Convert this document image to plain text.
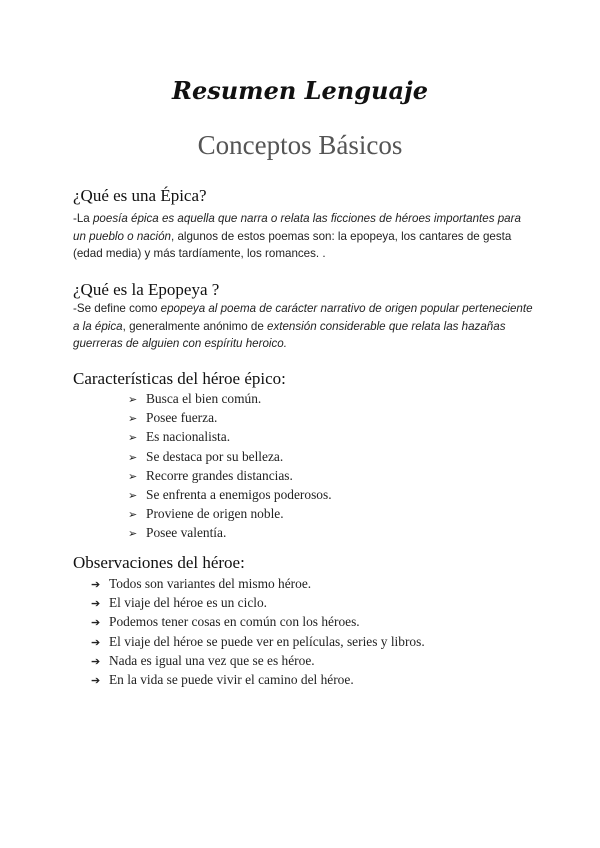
Resumen Lenguaje
Conceptos Básicos
¿Qué es una Épica?
-La poesía épica es aquella que narra o relata las ficciones de héroes importantes para un pueblo o nación, algunos de estos poemas son: la epopeya, los cantares de gesta (edad media) y más tardíamente, los romances. .
¿Qué es la Epopeya ?
-Se define como epopeya al poema de carácter narrativo de origen popular perteneciente a la épica, generalmente anónimo de extensión considerable que relata las hazañas guerreras de alguien con espíritu heroico.
Características del héroe épico:
➢ Busca el bien común.
➢ Posee fuerza.
➢ Es nacionalista.
➢ Se destaca por su belleza.
➢ Recorre grandes distancias.
➢ Se enfrenta a enemigos poderosos.
➢ Proviene de origen noble.
➢ Posee valentía.
Observaciones del héroe:
➔ Todos son variantes del mismo héroe.
➔ El viaje del héroe es un ciclo.
➔ Podemos tener cosas en común con los héroes.
➔ El viaje del héroe se puede ver en películas, series y libros.
➔ Nada es igual una vez que se es héroe.
➔ En la vida se puede vivir el camino del héroe.
